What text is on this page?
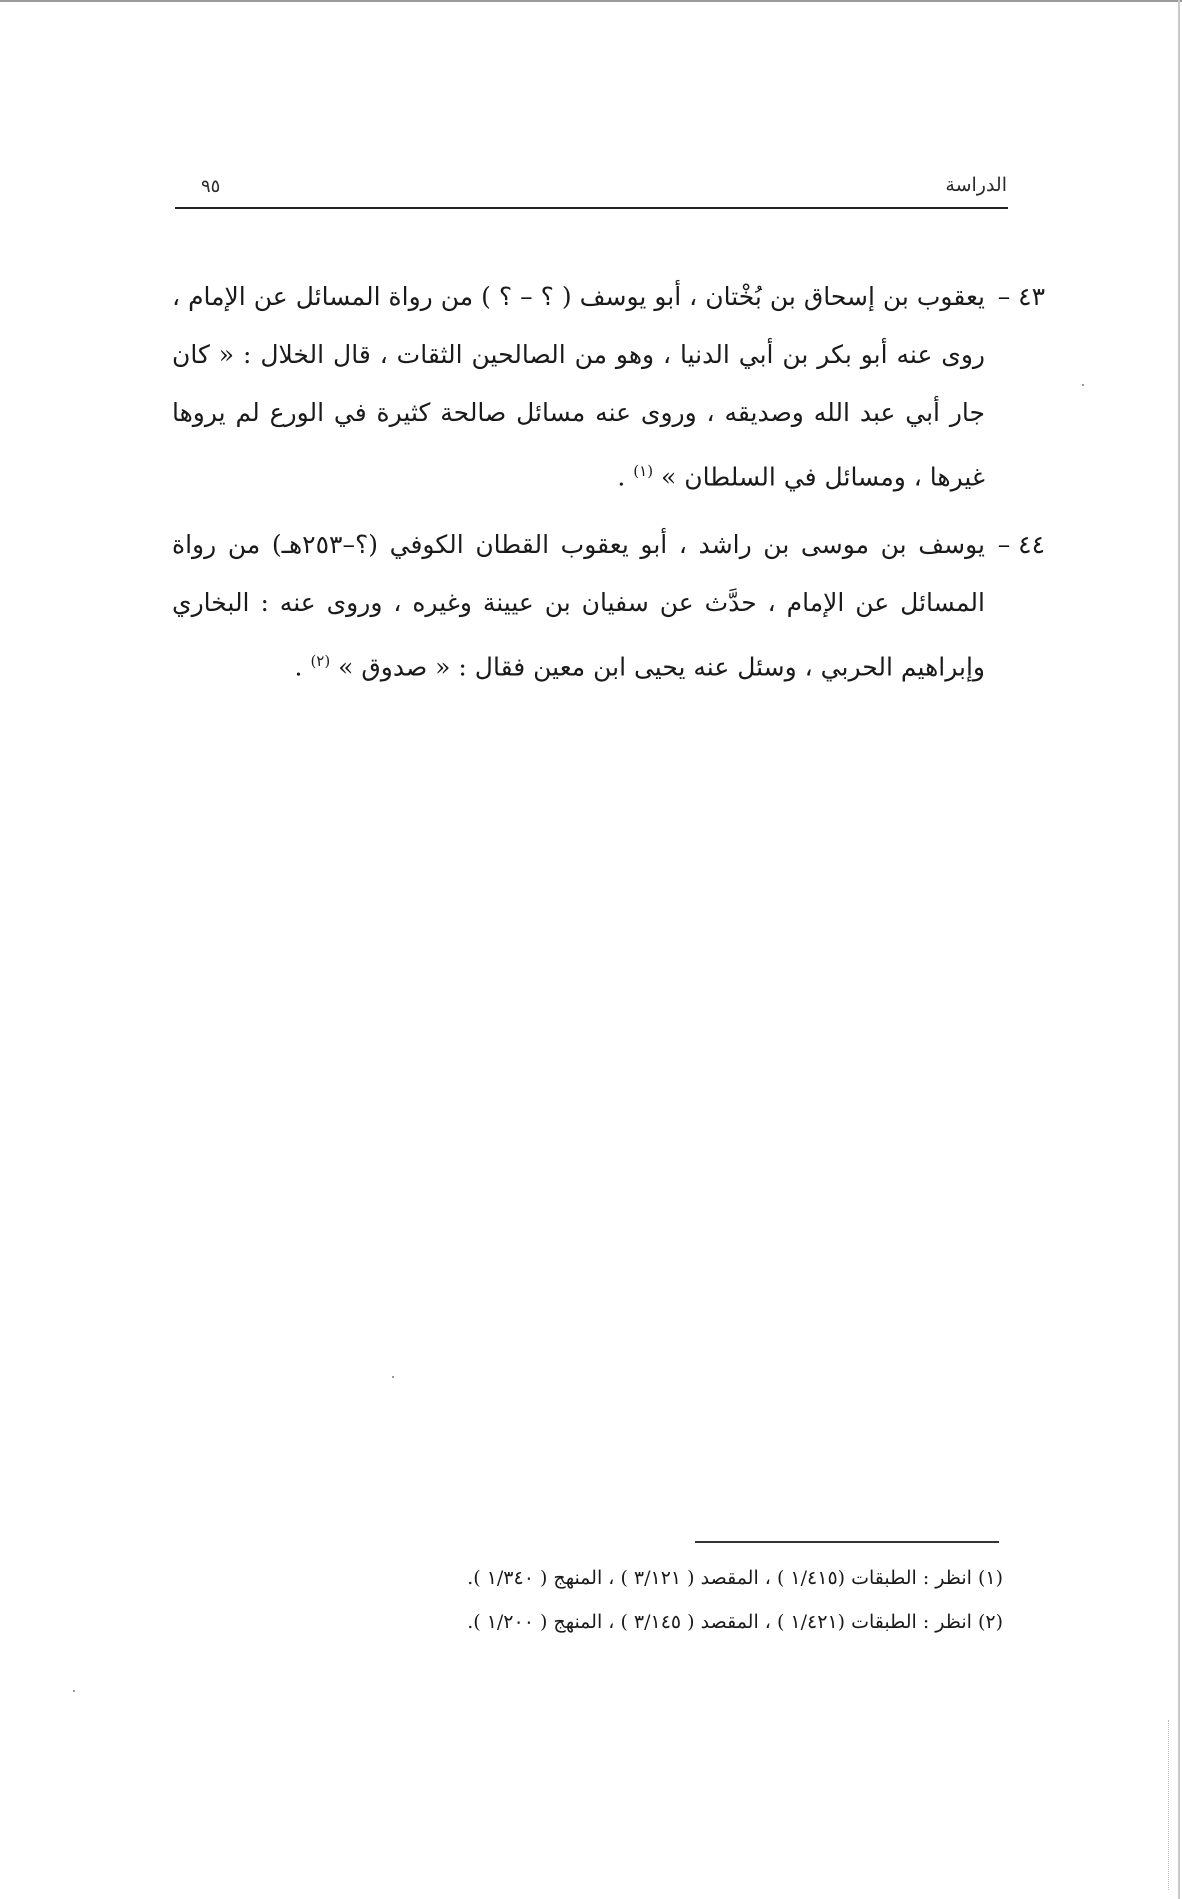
الدراسة
٩٥
٤٣ –
يعقوب بن إسحاق بن بُخْتان ، أبو يوسف ( ؟ – ؟ ) من رواة المسائل عن الإمام ، روى عنه أبو بكر بن أبي الدنيا ، وهو من الصالحين الثقات ، قال الخلال : « كان جار أبي عبد الله وصديقه ، وروى عنه مسائل صالحة كثيرة في الورع لم يروها غيرها ، ومسائل في السلطان » $^{(١)}$ .
٤٤ –
يوسف بن موسى بن راشد ، أبو يعقوب القطان الكوفي (؟–٢٥٣هـ) من رواة المسائل عن الإمام ، حدَّث عن سفيان بن عيينة وغيره ، وروى عنه : البخاري وإبراهيم الحربي ، وسئل عنه يحيى ابن معين فقال : « صدوق » $^{(٢)}$ .
(١) انظر : الطبقات (١/٤١٥ ) ، المقصد ( ٣/١٢١ ) ، المنهج ( ١/٣٤٠ ).
(٢) انظر : الطبقات (١/٤٢١ ) ، المقصد ( ٣/١٤٥ ) ، المنهج ( ١/٢٠٠ ).
